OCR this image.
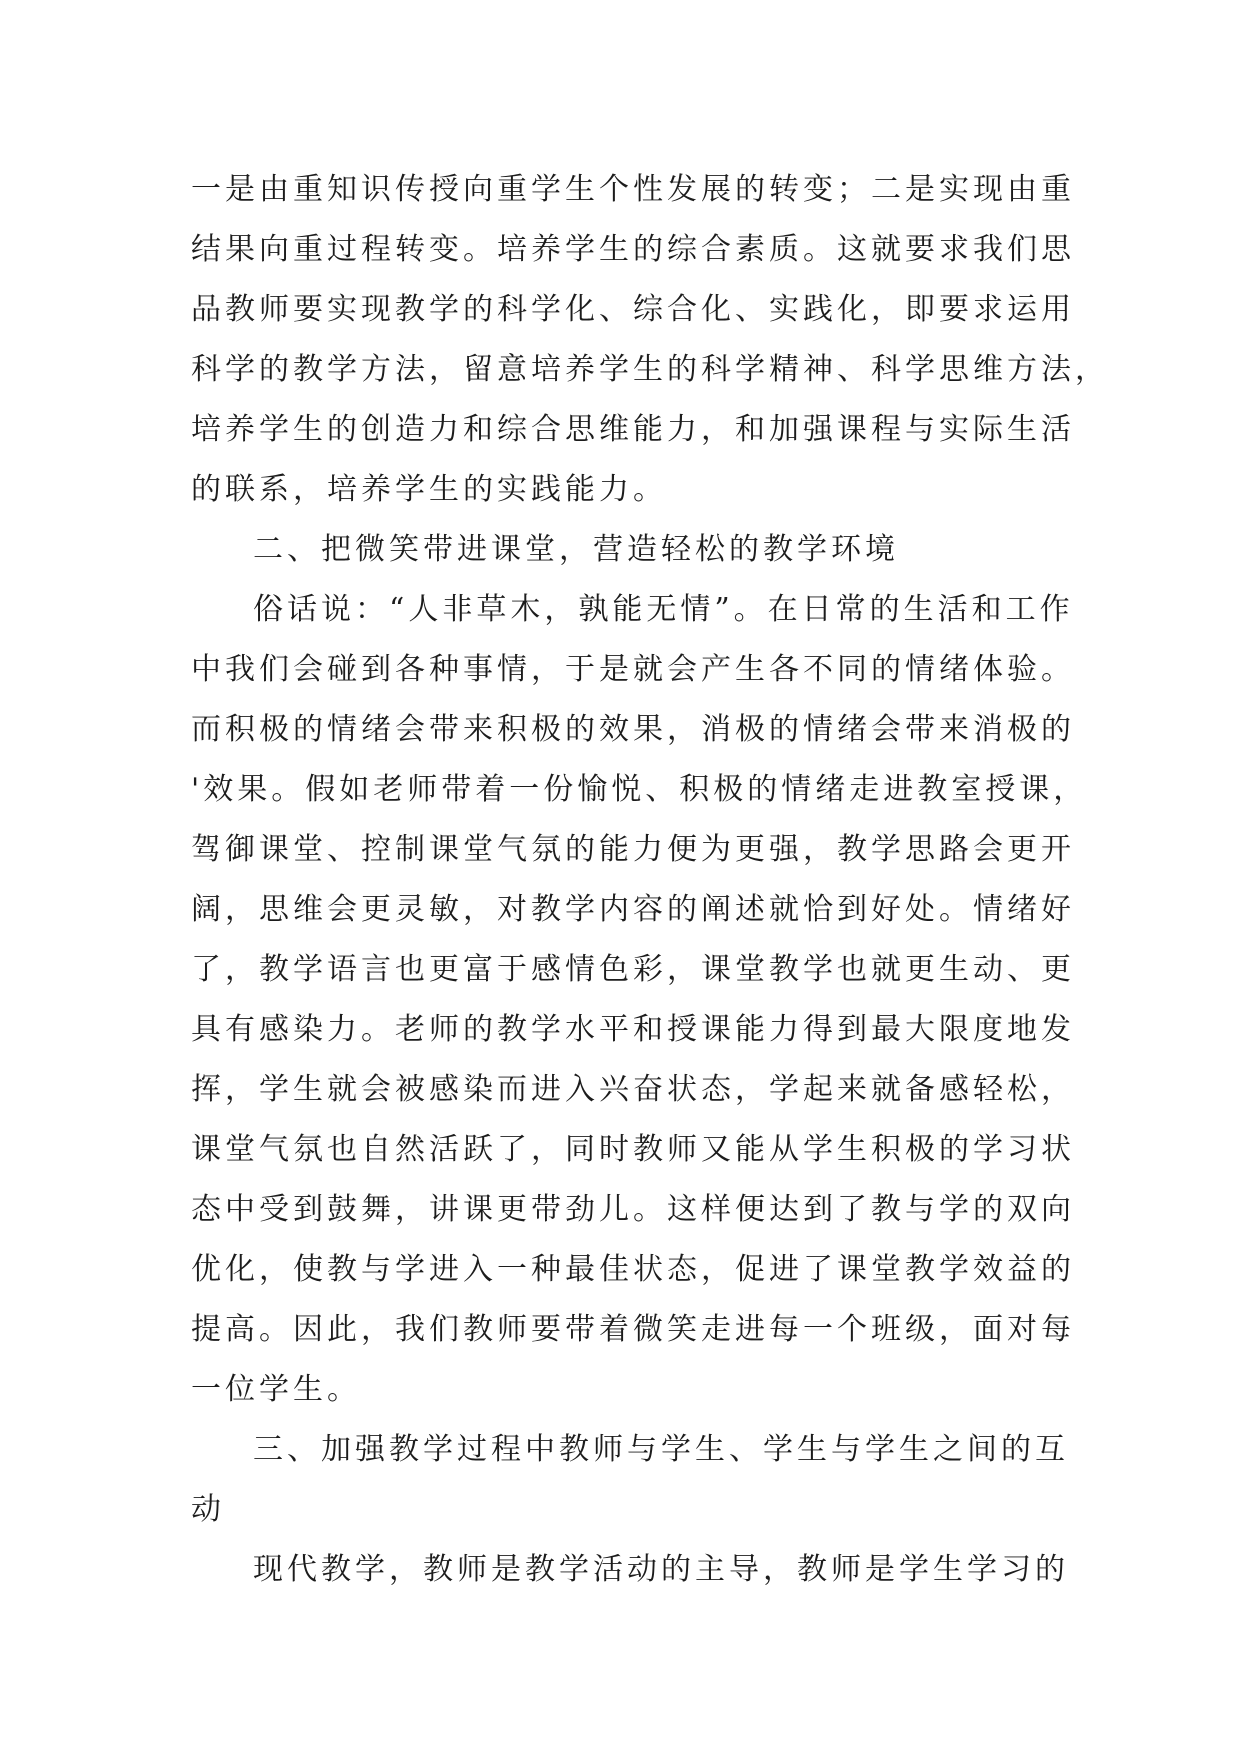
一是由重知识传授向重学生个性发展的转变；二是实现由重
结果向重过程转变。培养学生的综合素质。这就要求我们思
品教师要实现教学的科学化、综合化、实践化，即要求运用
科学的教学方法，留意培养学生的科学精神、科学思维方法，
培养学生的创造力和综合思维能力，和加强课程与实际生活
的联系，培养学生的实践能力。
二、把微笑带进课堂，营造轻松的教学环境
俗话说：“人非草木，孰能无情”。在日常的生活和工作
中我们会碰到各种事情，于是就会产生各不同的情绪体验。
而积极的情绪会带来积极的效果，消极的情绪会带来消极的
'效果。假如老师带着一份愉悦、积极的情绪走进教室授课，
驾御课堂、控制课堂气氛的能力便为更强，教学思路会更开
阔，思维会更灵敏，对教学内容的阐述就恰到好处。情绪好
了，教学语言也更富于感情色彩，课堂教学也就更生动、更
具有感染力。老师的教学水平和授课能力得到最大限度地发
挥，学生就会被感染而进入兴奋状态，学起来就备感轻松，
课堂气氛也自然活跃了，同时教师又能从学生积极的学习状
态中受到鼓舞，讲课更带劲儿。这样便达到了教与学的双向
优化，使教与学进入一种最佳状态，促进了课堂教学效益的
提高。因此，我们教师要带着微笑走进每一个班级，面对每
一位学生。
三、加强教学过程中教师与学生、学生与学生之间的互
动
现代教学，教师是教学活动的主导，教师是学生学习的
